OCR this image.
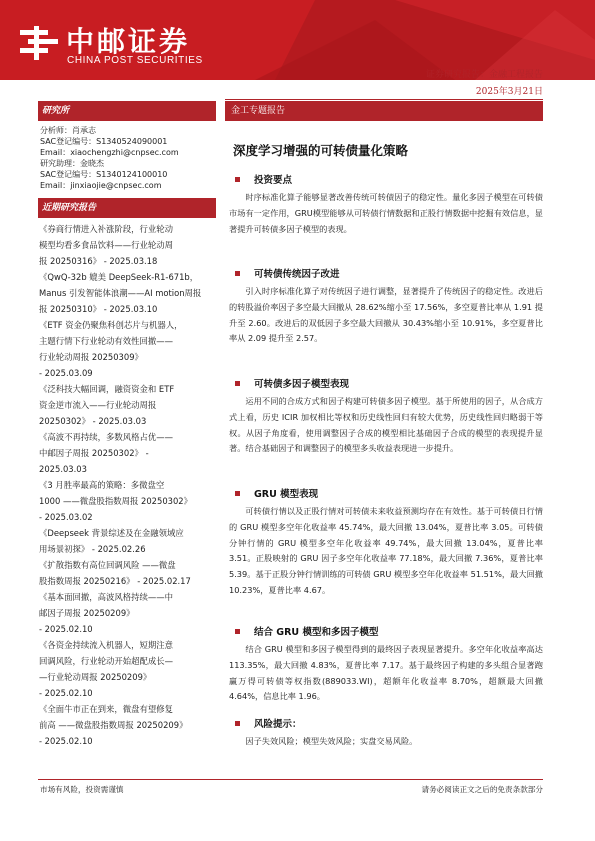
中邮证券
CHINA POST SECURITIES
证券研究报告：金融工程报告
2025年3月21日
研究所
分析师：肖承志
SAC登记编号：S1340524090001
Email：xiaochengzhi@cnpsec.com
研究助理：金晓杰
SAC登记编号：S1340124100010
Email：jinxiaojie@cnpsec.com
近期研究报告
《券商行情进入补涨阶段，行业轮动
模型均看多食品饮料——行业轮动周
报 20250316》 - 2025.03.18
《QwQ-32b 媲美 DeepSeek-R1-671b，
Manus 引发智能体浪潮——AI motion周报
报 20250310》 - 2025.03.10
《ETF 资金仍聚焦科创芯片与机器人，
主题行情下行业轮动有效性回撤——
行业轮动周报 20250309》
- 2025.03.09
《泛科技大幅回调，融资资金和 ETF
资金逆市流入——行业轮动周报
20250302》 - 2025.03.03
《高波不再持续，多数风格占优——
中邮因子周报 20250302》 -
2025.03.03
《3 月胜率最高的策略：多微盘空
1000 ——微盘股指数周报 20250302》
- 2025.03.02
《Deepseek 背景综述及在金融领域应
用场景初探》 - 2025.02.26
《扩散指数有高位回调风险 ——微盘
股指数周报 20250216》 - 2025.02.17
《基本面回撤，高波风格持续——中
邮因子周报 20250209》
- 2025.02.10
《各资金持续流入机器人，短期注意
回调风险，行业轮动开始超配成长—
—行业轮动周报 20250209》
- 2025.02.10
《全面牛市正在到来，微盘有望修复
前高 ——微盘股指数周报 20250209》
- 2025.02.10
金工专题报告
深度学习增强的可转债量化策略
投资要点
时序标准化算子能够显著改善传统可转债因子的稳定性。量化多因子模型在可转债市场有一定作用，GRU模型能够从可转债行情数据和正股行情数据中挖掘有效信息，显著提升可转债多因子模型的表现。
可转债传统因子改进
引入时序标准化算子对传统因子进行调整，显著提升了传统因子的稳定性。改进后的转股溢价率因子多空最大回撤从 28.62%缩小至 17.56%，多空夏普比率从 1.91 提升至 2.60。改进后的双低因子多空最大回撤从 30.43%缩小至 10.91%，多空夏普比率从 2.09 提升至 2.57。
可转债多因子模型表现
运用不同的合成方式和因子构建可转债多因子模型。基于所使用的因子，从合成方式上看，历史 ICIR 加权相比等权和历史线性回归有较大优势，历史线性回归略弱于等权。从因子角度看，使用调整因子合成的模型相比基础因子合成的模型的表现提升显著。结合基础因子和调整因子的模型多头收益表现进一步提升。
GRU 模型表现
可转债行情以及正股行情对可转债未来收益预测均存在有效性。基于可转债日行情的 GRU 模型多空年化收益率 45.74%，最大回撤 13.04%，夏普比率 3.05。可转债分钟行情的 GRU 模型多空年化收益率 49.74%，最大回撤 13.04%，夏普比率 3.51。正股映射的 GRU 因子多空年化收益率 77.18%，最大回撤 7.36%，夏普比率 5.39。基于正股分钟行情训练的可转债 GRU 模型多空年化收益率 51.51%，最大回撤 10.23%，夏普比率 4.67。
结合 GRU 模型和多因子模型
结合 GRU 模型和多因子模型得到的最终因子表现显著提升。多空年化收益率高达 113.35%，最大回撤 4.83%，夏普比率 7.17。基于最终因子构建的多头组合显著跑赢万得可转债等权指数(889033.WI)，超额年化收益率 8.70%，超额最大回撤 4.64%，信息比率 1.96。
风险提示：
因子失效风险；模型失效风险；实盘交易风险。
市场有风险，投资需谨慎	请务必阅读正文之后的免责条款部分
